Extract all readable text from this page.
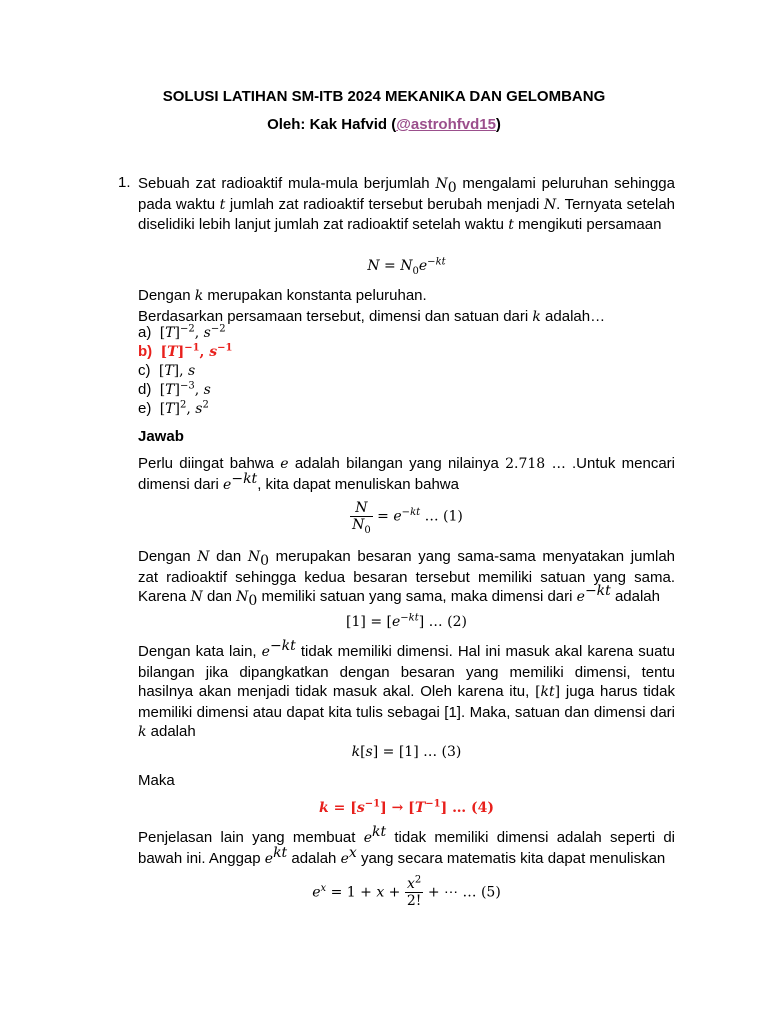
SOLUSI LATIHAN SM-ITB 2024 MEKANIKA DAN GELOMBANG
Oleh: Kak Hafvid (@astrohfvd15)
1. Sebuah zat radioaktif mula-mula berjumlah $N_0$ mengalami peluruhan sehingga pada waktu t jumlah zat radioaktif tersebut berubah menjadi N. Ternyata setelah diselidiki lebih lanjut jumlah zat radioaktif setelah waktu t mengikuti persamaan

$N = N_0e^{-kt}$

Dengan k merupakan konstanta peluruhan.
Berdasarkan persamaan tersebut, dimensi dan satuan dari k adalah…

a) $[T]^{-2}$, $s^{-2}$
b) $[T]^{-1}$, $s^{-1}$
c) [T], s
d) $[T]^{-3}$, s
e) $[T]^2$, $s^2$
Jawab

Perlu diingat bahwa e adalah bilangan yang nilainya 2.718 … .Untuk mencari dimensi dari $e^{-kt}$, kita dapat menuliskan bahwa

$\frac{N}{N_0} = e^{-kt}$ … (1)

Dengan N dan $N_0$ merupakan besaran yang sama-sama menyatakan jumlah zat radioaktif sehingga kedua besaran tersebut memiliki satuan yang sama. Karena N dan $N_0$ memiliki satuan yang sama, maka dimensi dari $e^{-kt}$ adalah

$[1] = [e^{-kt}]$ … (2)

Dengan kata lain, $e^{-kt}$ tidak memiliki dimensi. Hal ini masuk akal karena suatu bilangan jika dipangkatkan dengan besaran yang memiliki dimensi, tentu hasilnya akan menjadi tidak masuk akal. Oleh karena itu, [kt] juga harus tidak memiliki dimensi atau dapat kita tulis sebagai [1]. Maka, satuan dan dimensi dari k adalah

k[s] = [1] … (3)
Maka
$k = [s^{-1}] \to [T^{-1}]$ … (4)

Penjelasan lain yang membuat $e^{kt}$ tidak memiliki dimensi adalah seperti di bawah ini. Anggap $e^{kt}$ adalah $e^x$ yang secara matematis kita dapat menuliskan

$e^x = 1 + x + \frac{x^2}{2!}$ + ⋯ … (5)
